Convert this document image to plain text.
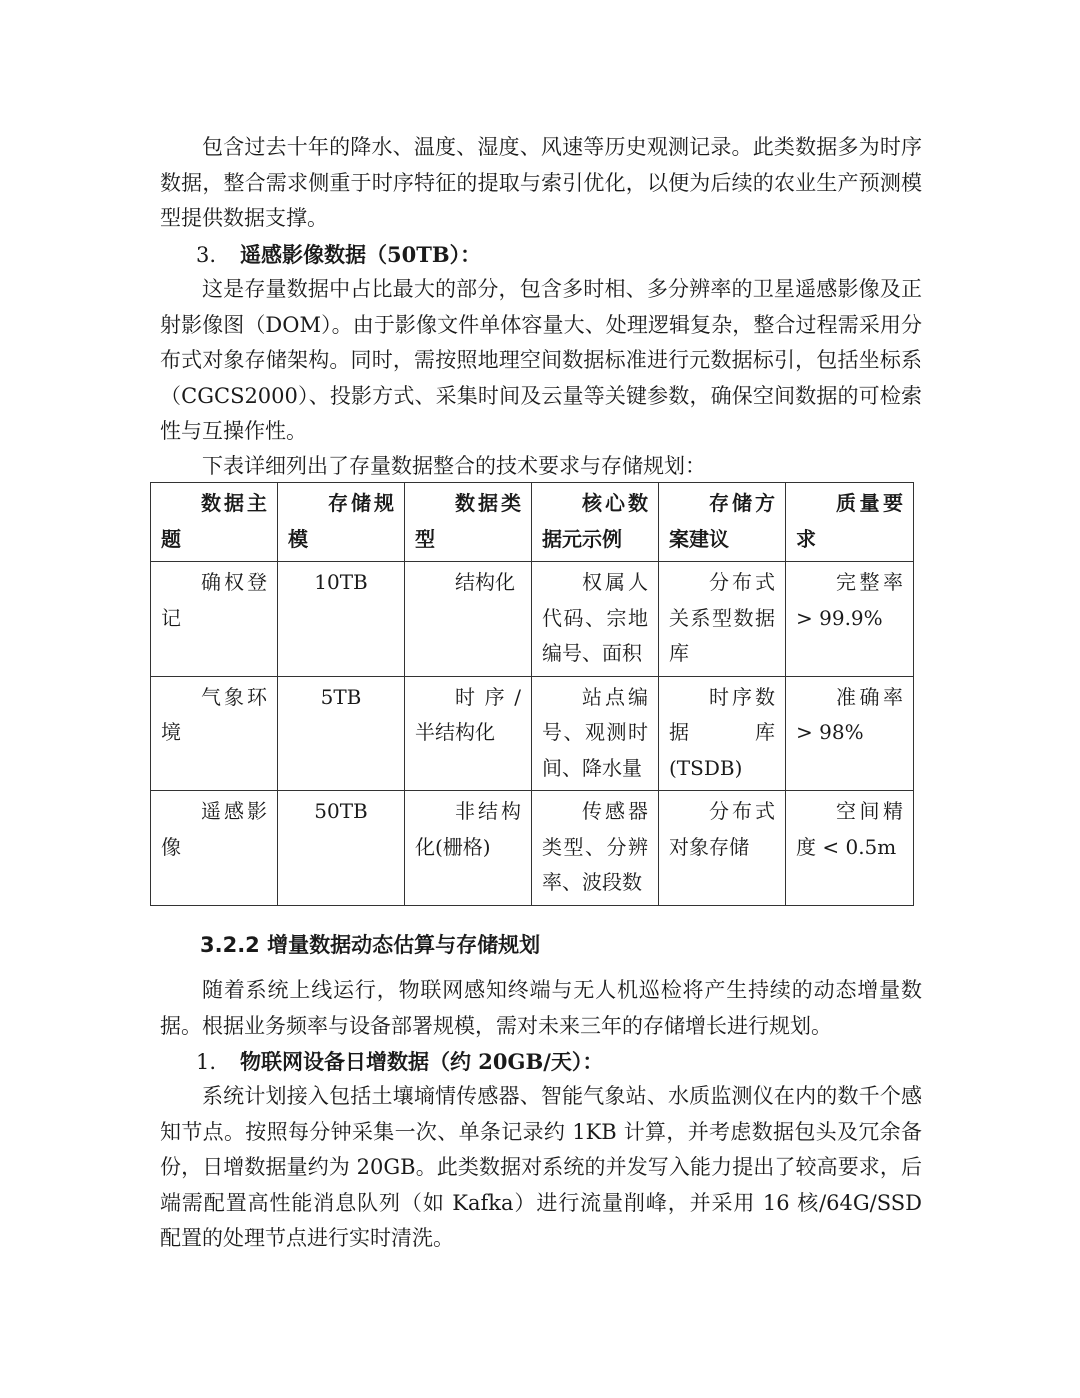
包含过去十年的降水、温度、湿度、风速等历史观测记录。此类数据多为时序数据，整合需求侧重于时序特征的提取与索引优化，以便为后续的农业生产预测模型提供数据支撑。

3. 遥感影像数据（50TB）：

这是存量数据中占比最大的部分，包含多时相、多分辨率的卫星遥感影像及正射影像图（DOM）。由于影像文件单体容量大、处理逻辑复杂，整合过程需采用分布式对象存储架构。同时，需按照地理空间数据标准进行元数据标引，包括坐标系（CGCS2000）、投影方式、采集时间及云量等关键参数，确保空间数据的可检索性与互操作性。

下表详细列出了存量数据整合的技术要求与存储规划：

数据主题	存储规模	数据类型	核心数据元示例	存储方案建议	质量要求
确权登记	10TB	结构化	权属人代码、宗地编号、面积	分布式关系型数据库	完整率 > 99.9%
气象环境	5TB	时序/半结构化	站点编号、观测时间、降水量	时序数据库(TSDB)	准确率 > 98%
遥感影像	50TB	非结构化(栅格)	传感器类型、分辨率、波段数	分布式对象存储	空间精度 < 0.5m
3.2.2 增量数据动态估算与存储规划

随着系统上线运行，物联网感知终端与无人机巡检将产生持续的动态增量数据。根据业务频率与设备部署规模，需对未来三年的存储增长进行规划。

1. 物联网设备日增数据（约 20GB/天）：

系统计划接入包括土壤墒情传感器、智能气象站、水质监测仪在内的数千个感知节点。按照每分钟采集一次、单条记录约 1KB 计算，并考虑数据包头及冗余备份，日增数据量约为 20GB。此类数据对系统的并发写入能力提出了较高要求，后端需配置高性能消息队列（如 Kafka）进行流量削峰，并采用 16 核/64G/SSD 配置的处理节点进行实时清洗。
